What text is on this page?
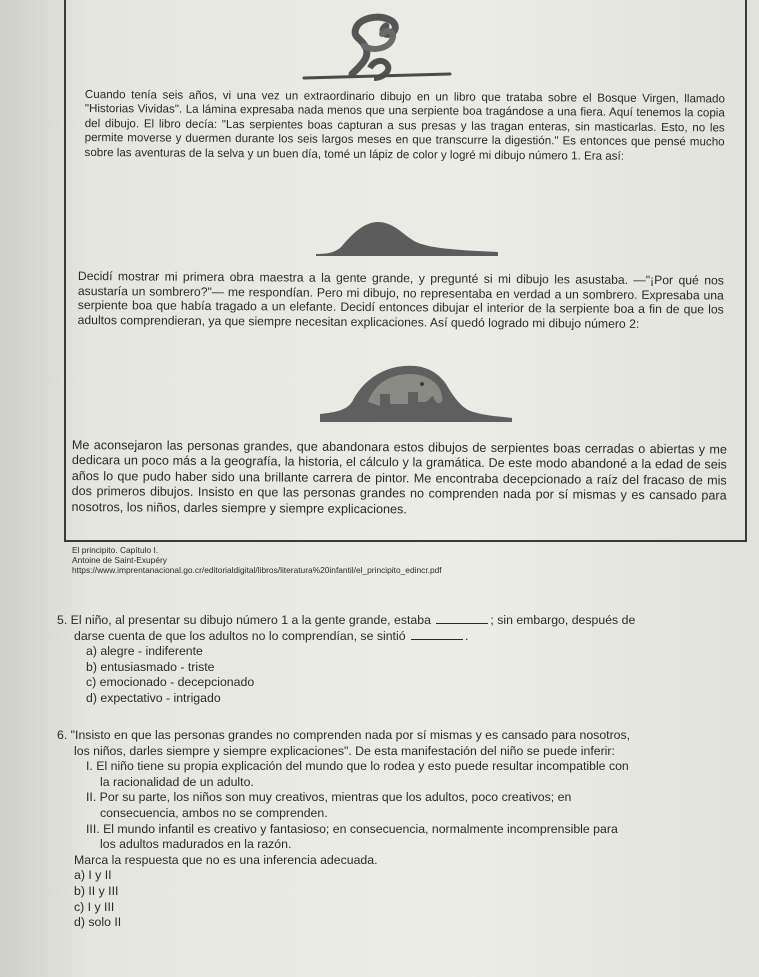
Cuando tenía seis años, vi una vez un extraordinario dibujo en un libro que trataba sobre el Bosque Virgen, llamado "Historias Vividas". La lámina expresaba nada menos que una serpiente boa tragándose a una fiera. Aquí tenemos la copia del dibujo. El libro decía: "Las serpientes boas capturan a sus presas y las tragan enteras, sin masticarlas. Esto, no les permite moverse y duermen durante los seis largos meses en que transcurre la digestión." Es entonces que pensé mucho sobre las aventuras de la selva y un buen día, tomé un lápiz de color y logré mi dibujo número 1. Era así:

Decidí mostrar mi primera obra maestra a la gente grande, y pregunté si mi dibujo les asustaba. —"¡Por qué nos asustaría un sombrero?"— me respondían. Pero mi dibujo, no representaba en verdad a un sombrero. Expresaba una serpiente boa que había tragado a un elefante. Decidí entonces dibujar el interior de la serpiente boa a fin de que los adultos comprendieran, ya que siempre necesitan explicaciones. Así quedó logrado mi dibujo número 2:

Me aconsejaron las personas grandes, que abandonara estos dibujos de serpientes boas cerradas o abiertas y me dedicara un poco más a la geografía, la historia, el cálculo y la gramática. De este modo abandoné a la edad de seis años lo que pudo haber sido una brillante carrera de pintor. Me encontraba decepcionado a raíz del fracaso de mis dos primeros dibujos. Insisto en que las personas grandes no comprenden nada por sí mismas y es cansado para nosotros, los niños, darles siempre y siempre explicaciones.

El principito. Capítulo I.
Antoine de Saint-Exupéry
https://www.imprentanacional.go.cr/editorialdigital/libros/literatura%20infantil/el_principito_edincr.pdf
5. El niño, al presentar su dibujo número 1 a la gente grande, estaba	; sin embargo, después de
darse cuenta de que los adultos no lo comprendían, se sintió	.
a) alegre - indiferente
b) entusiasmado - triste
c) emocionado - decepcionado
d) expectativo - intrigado
6. "Insisto en que las personas grandes no comprenden nada por sí mismas y es cansado para nosotros,
los niños, darles siempre y siempre explicaciones". De esta manifestación del niño se puede inferir:
I. El niño tiene su propia explicación del mundo que lo rodea y esto puede resultar incompatible con
la racionalidad de un adulto.
II. Por su parte, los niños son muy creativos, mientras que los adultos, poco creativos; en
consecuencia, ambos no se comprenden.
III. El mundo infantil es creativo y fantasioso; en consecuencia, normalmente incomprensible para
los adultos madurados en la razón.
Marca la respuesta que no es una inferencia adecuada.
a) I y II
b) II y III
c) I y III
d) solo II
